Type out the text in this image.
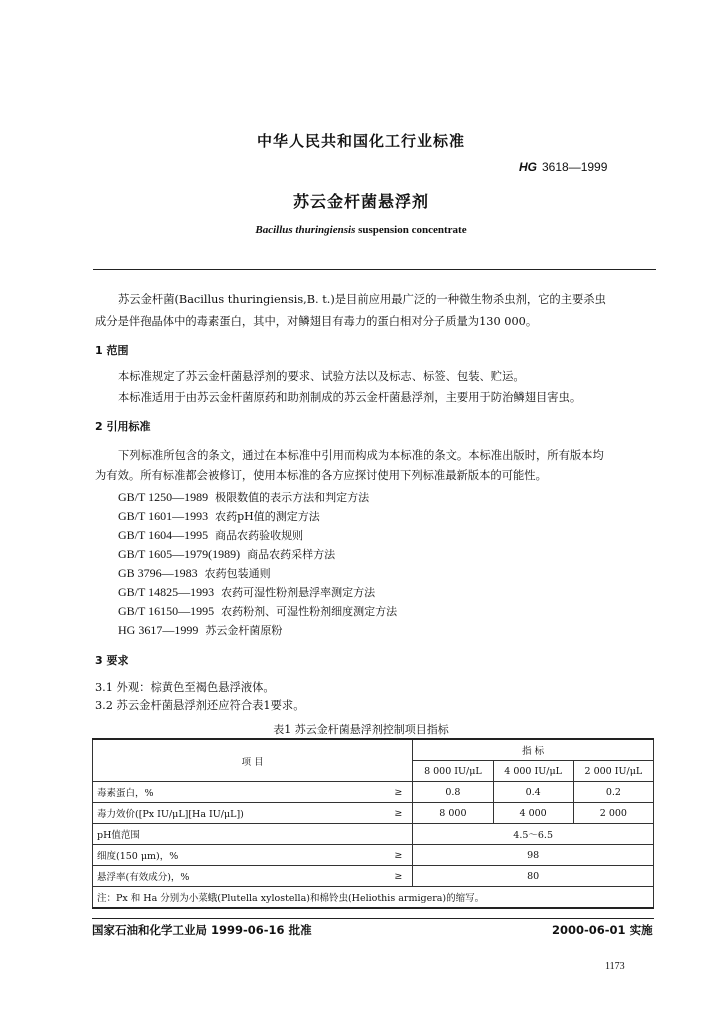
中华人民共和国化工行业标准
HG 3618—1999
苏云金杆菌悬浮剂
Bacillus thuringiensis suspension concentrate
苏云金杆菌(Bacillus thuringiensis,B. t.)是目前应用最广泛的一种微生物杀虫剂，它的主要杀虫
成分是伴孢晶体中的毒素蛋白，其中，对鳞翅目有毒力的蛋白相对分子质量为130 000。
1 范围
本标准规定了苏云金杆菌悬浮剂的要求、试验方法以及标志、标签、包装、贮运。
本标准适用于由苏云金杆菌原药和助剂制成的苏云金杆菌悬浮剂，主要用于防治鳞翅目害虫。
2 引用标准
下列标准所包含的条文，通过在本标准中引用而构成为本标准的条文。本标准出版时，所有版本均
为有效。所有标准都会被修订，使用本标准的各方应探讨使用下列标准最新版本的可能性。
GB/T 1250—1989 极限数值的表示方法和判定方法
GB/T 1601—1993 农药pH值的测定方法
GB/T 1604—1995 商品农药验收规则
GB/T 1605—1979(1989) 商品农药采样方法
GB 3796—1983 农药包装通则
GB/T 14825—1993 农药可湿性粉剂悬浮率测定方法
GB/T 16150—1995 农药粉剂、可湿性粉剂细度测定方法
HG 3617—1999 苏云金杆菌原粉
3 要求
3.1 外观：棕黄色至褐色悬浮液体。
3.2 苏云金杆菌悬浮剂还应符合表1要求。
表1 苏云金杆菌悬浮剂控制项目指标
项 目		指 标		
		8 000 IU/μL	4 000 IU/μL	2 000 IU/μL
毒素蛋白，%	≥	0.8	0.4	0.2
毒力效价([Px IU/μL][Ha IU/μL])	≥	8 000	4 000	2 000
pH值范围		4.5～6.5		
细度(150 μm)，%	≥	98		
悬浮率(有效成分)，%	≥	80		
注：Px 和 Ha 分别为小菜蛾(Plutella xylostella)和棉铃虫(Heliothis armigera)的缩写。				
国家石油和化学工业局 1999-06-16 批准	2000-06-01 实施
1173
